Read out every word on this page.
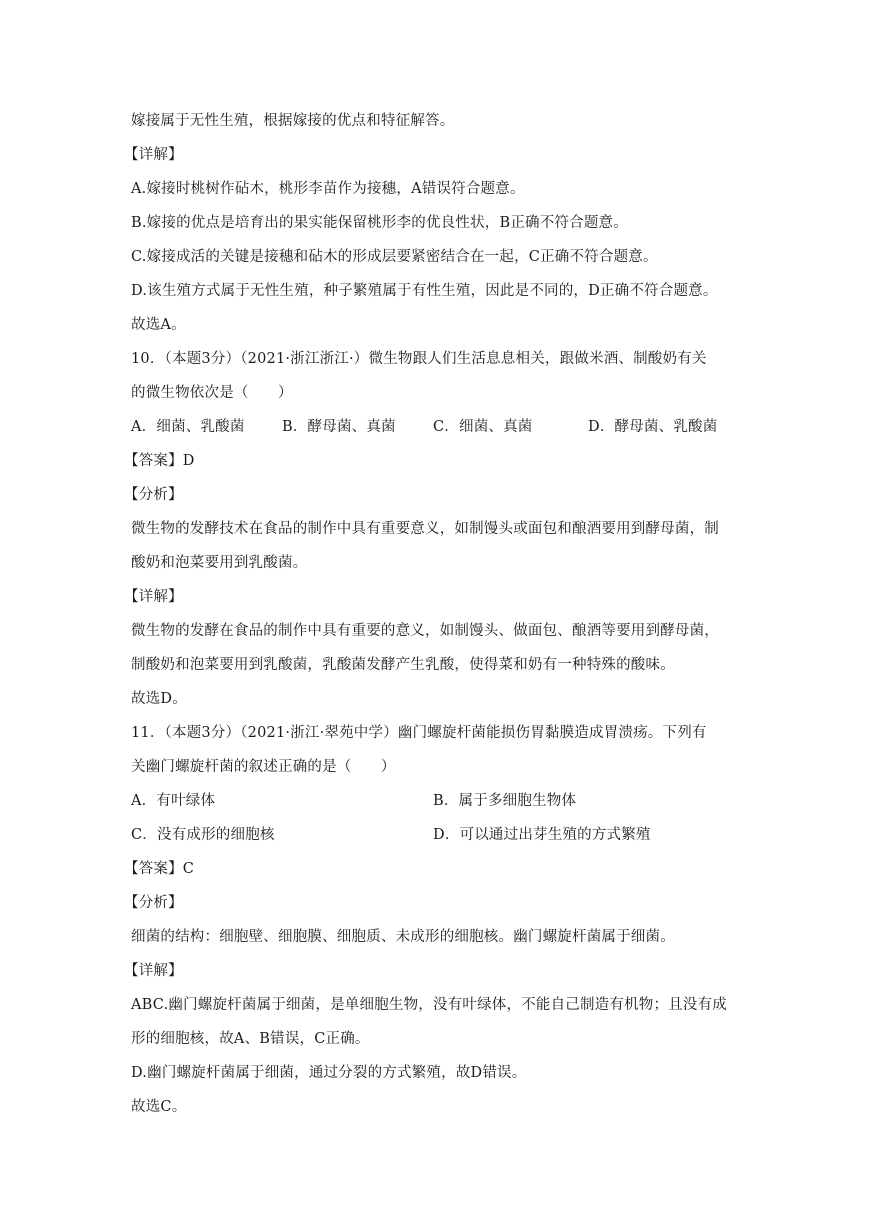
嫁接属于无性生殖，根据嫁接的优点和特征解答。
【详解】
A.嫁接时桃树作砧木，桃形李苗作为接穗，A错误符合题意。
B.嫁接的优点是培育出的果实能保留桃形李的优良性状，B正确不符合题意。
C.嫁接成活的关键是接穗和砧木的形成层要紧密结合在一起，C正确不符合题意。
D.该生殖方式属于无性生殖，种子繁殖属于有性生殖，因此是不同的，D正确不符合题意。
故选A。
10．（本题3分）（2021·浙江浙江·）微生物跟人们生活息息相关，跟做米酒、制酸奶有关
的微生物依次是（　　）
A．细菌、乳酸菌	B．酵母菌、真菌	C．细菌、真菌	D．酵母菌、乳酸菌
【答案】D
【分析】
微生物的发酵技术在食品的制作中具有重要意义，如制馒头或面包和酿酒要用到酵母菌，制
酸奶和泡菜要用到乳酸菌。
【详解】
微生物的发酵在食品的制作中具有重要的意义，如制馒头、做面包、酿酒等要用到酵母菌，
制酸奶和泡菜要用到乳酸菌，乳酸菌发酵产生乳酸，使得菜和奶有一种特殊的酸味。
故选D。
11．（本题3分）（2021·浙江·翠苑中学）幽门螺旋杆菌能损伤胃黏膜造成胃溃疡。下列有
关幽门螺旋杆菌的叙述正确的是（　　）
A．有叶绿体	B．属于多细胞生物体
C．没有成形的细胞核	D．可以通过出芽生殖的方式繁殖
【答案】C
【分析】
细菌的结构：细胞壁、细胞膜、细胞质、未成形的细胞核。幽门螺旋杆菌属于细菌。
【详解】
ABC.幽门螺旋杆菌属于细菌，是单细胞生物，没有叶绿体，不能自己制造有机物；且没有成
形的细胞核，故A、B错误，C正确。
D.幽门螺旋杆菌属于细菌，通过分裂的方式繁殖，故D错误。
故选C。
